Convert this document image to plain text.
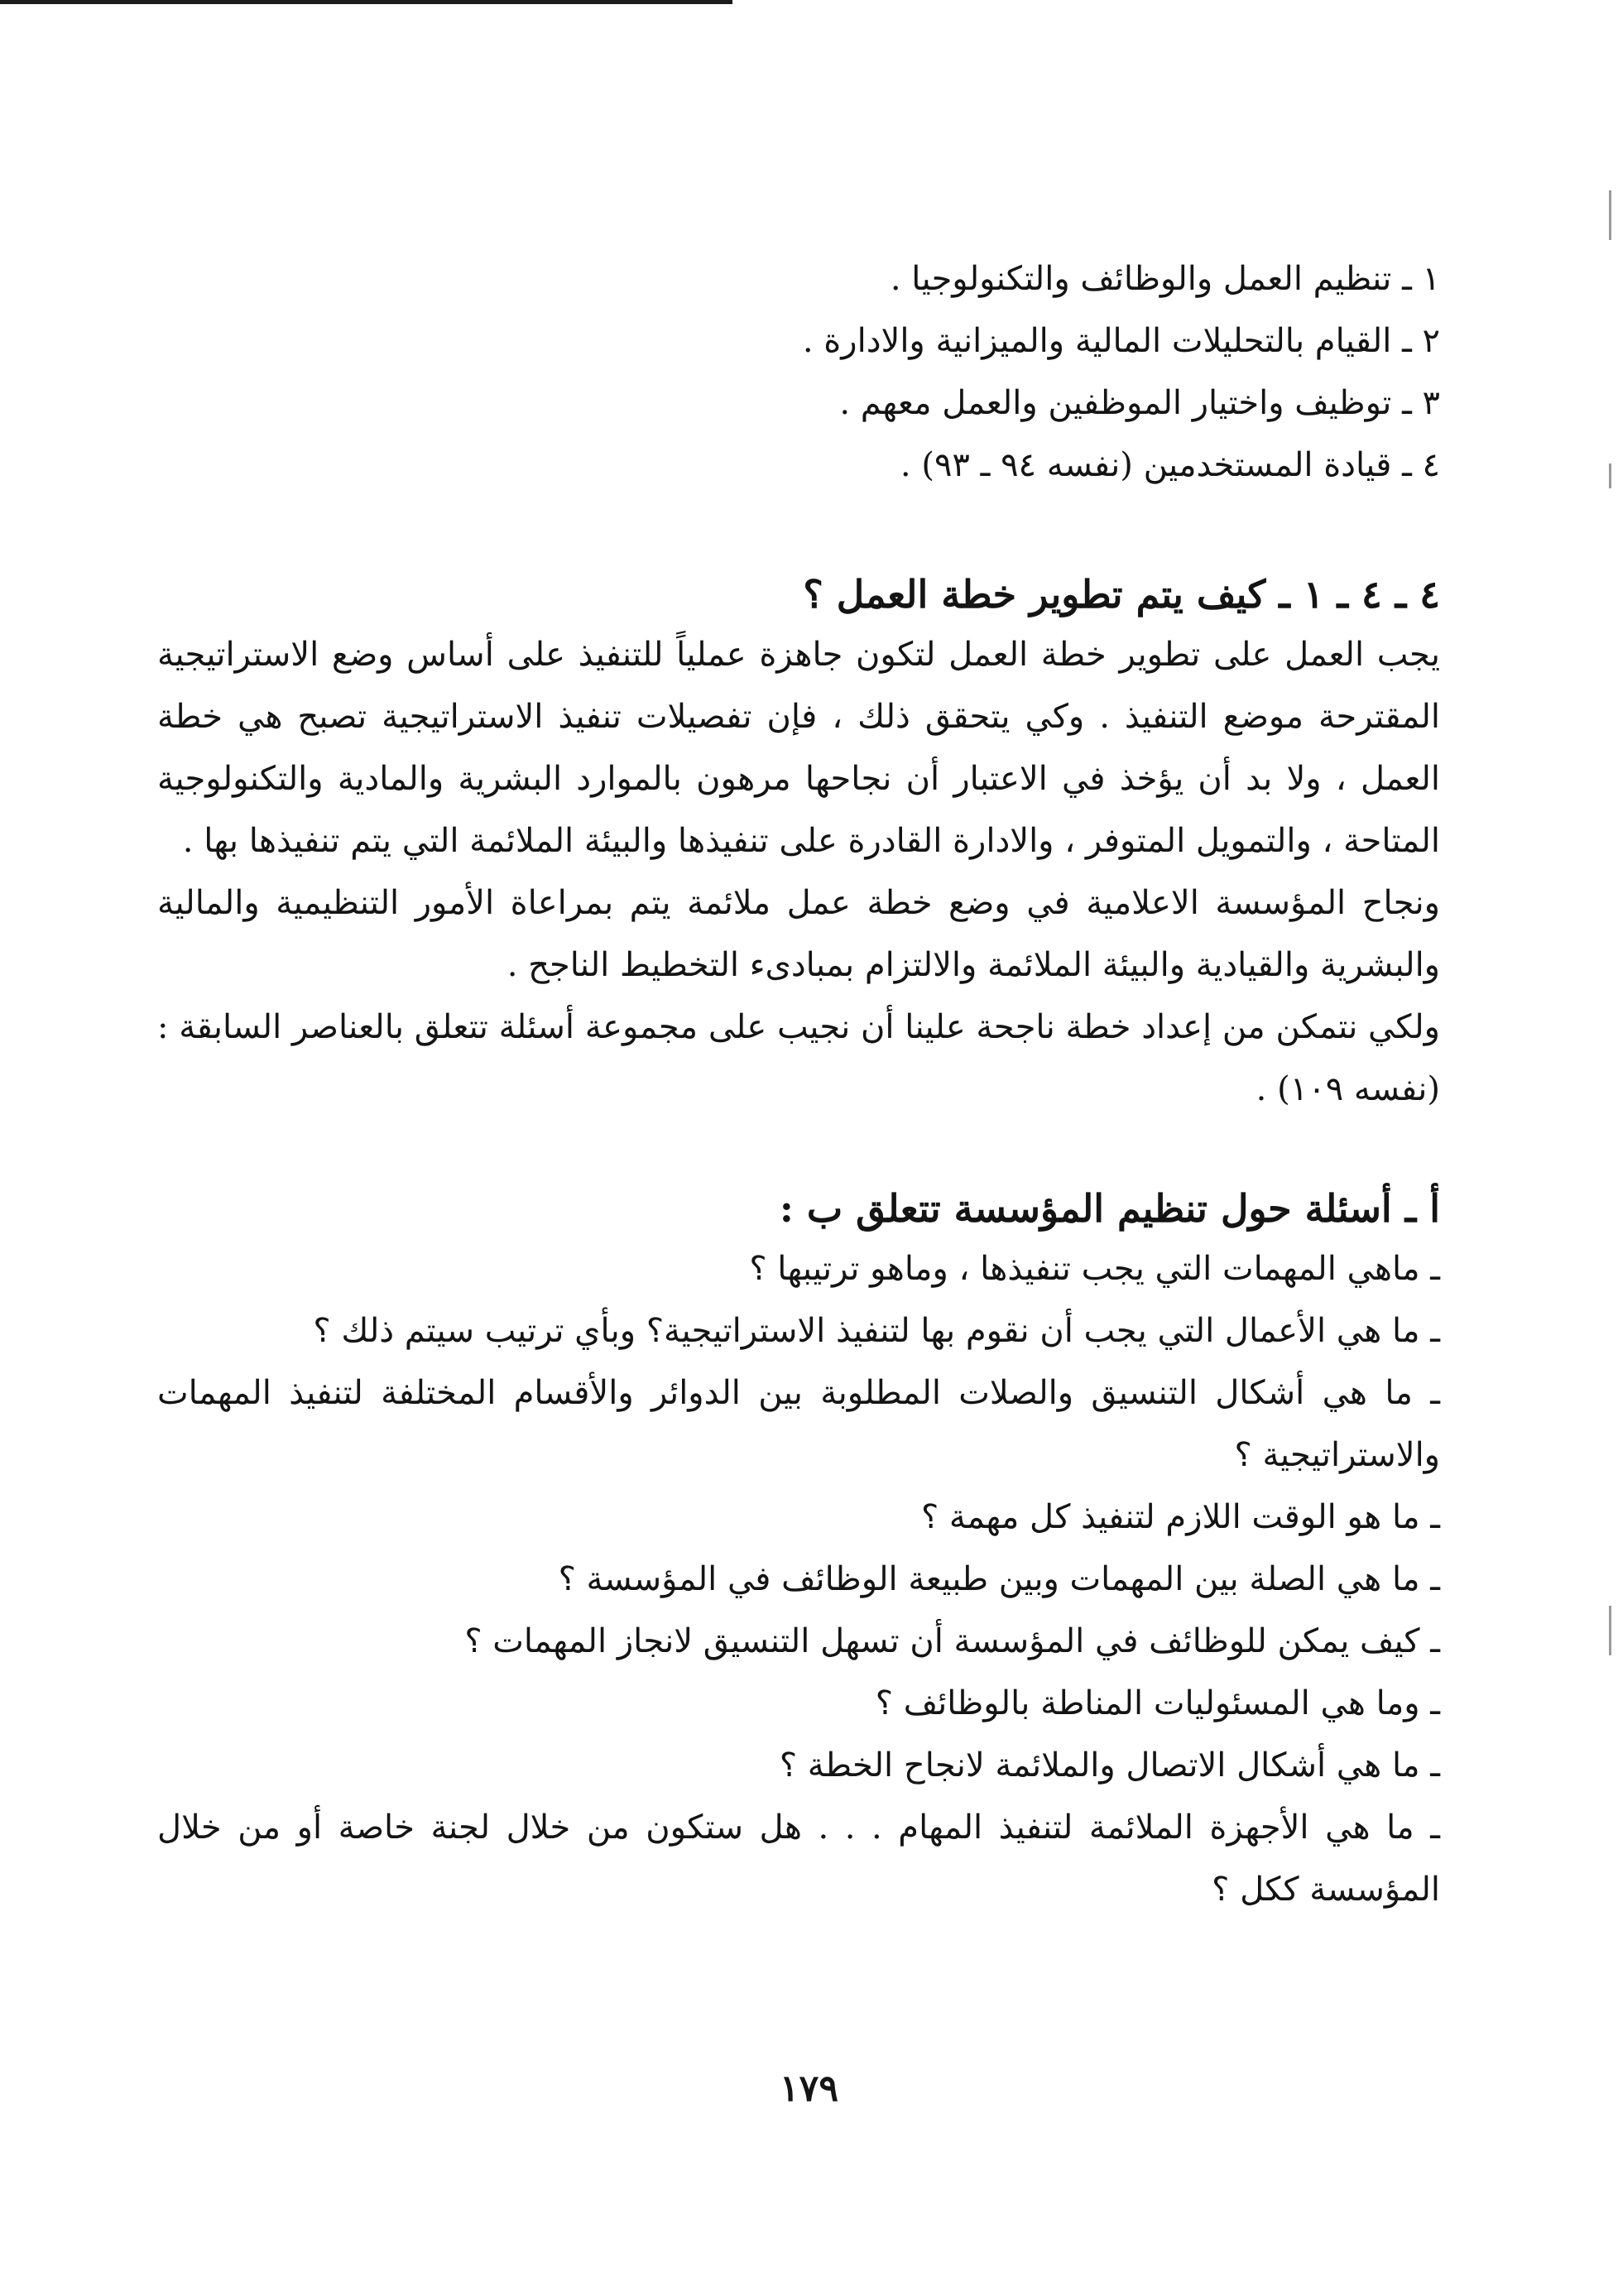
١ ـ تنظيم العمل والوظائف والتكنولوجيا .
٢ ـ القيام بالتحليلات المالية والميزانية والادارة .
٣ ـ توظيف واختيار الموظفين والعمل معهم .
٤ ـ قيادة المستخدمين (نفسه ٩٤ ـ ٩٣) .
٤ ـ ٤ ـ ١ ـ كيف يتم تطوير خطة العمل ؟

يجب العمل على تطوير خطة العمل لتكون جاهزة عملياً للتنفيذ على أساس وضع الاستراتيجية المقترحة موضع التنفيذ . وكي يتحقق ذلك ، فإن تفصيلات تنفيذ الاستراتيجية تصبح هي خطة العمل ، ولا بد أن يؤخذ في الاعتبار أن نجاحها مرهون بالموارد البشرية والمادية والتكنولوجية المتاحة ، والتمويل المتوفر ، والادارة القادرة على تنفيذها والبيئة الملائمة التي يتم تنفيذها بها .

ونجاح المؤسسة الاعلامية في وضع خطة عمل ملائمة يتم بمراعاة الأمور التنظيمية والمالية والبشرية والقيادية والبيئة الملائمة والالتزام بمبادىء التخطيط الناجح .

ولكي نتمكن من إعداد خطة ناجحة علينا أن نجيب على مجموعة أسئلة تتعلق بالعناصر السابقة : (نفسه ١٠٩) .

أ ـ أسئلة حول تنظيم المؤسسة تتعلق ب :

ـ ماهي المهمات التي يجب تنفيذها ، وماهو ترتيبها ؟

ـ ما هي الأعمال التي يجب أن نقوم بها لتنفيذ الاستراتيجية؟ وبأي ترتيب سيتم ذلك ؟

ـ ما هي أشكال التنسيق والصلات المطلوبة بين الدوائر والأقسام المختلفة لتنفيذ المهمات والاستراتيجية ؟

ـ ما هو الوقت اللازم لتنفيذ كل مهمة ؟

ـ ما هي الصلة بين المهمات وبين طبيعة الوظائف في المؤسسة ؟

ـ كيف يمكن للوظائف في المؤسسة أن تسهل التنسيق لانجاز المهمات ؟

ـ وما هي المسئوليات المناطة بالوظائف ؟

ـ ما هي أشكال الاتصال والملائمة لانجاح الخطة ؟

ـ ما هي الأجهزة الملائمة لتنفيذ المهام . . . هل ستكون من خلال لجنة خاصة أو من خلال المؤسسة ككل ؟

١٧٩
